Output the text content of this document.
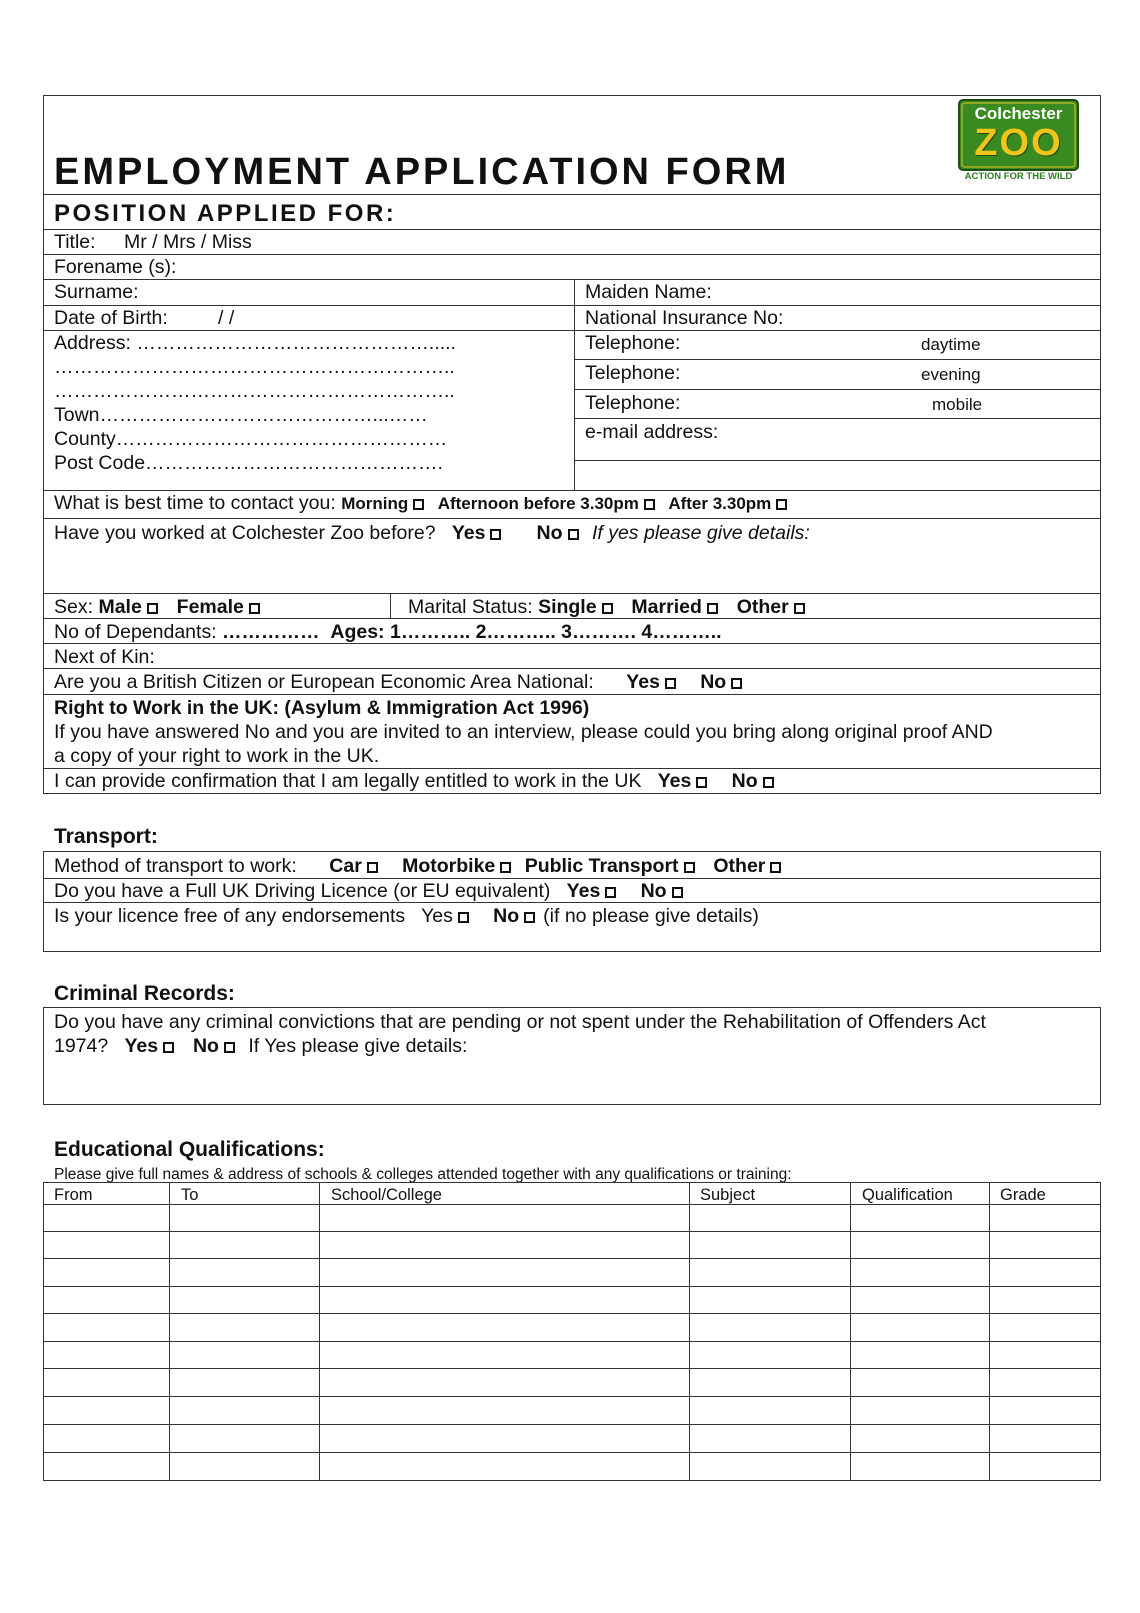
EMPLOYMENT APPLICATION FORM
Colchester
ZOO
ACTION FOR THE WILD
POSITION APPLIED FOR:
Title: Mr / Mrs / Miss
Forename (s):
Surname:	Maiden Name:
Date of Birth:	/ /	National Insurance No:
Address: ……………………………………….....
……………………………………………………..
……………………………………………………..
Town……………………………………...……
County……………………………………………
Post Code……………………………………….
Telephone:	daytime
Telephone:	evening
Telephone:	mobile
e-mail address:
What is best time to contact you: Morning Afternoon before 3.30pm After 3.30pm
Have you worked at Colchester Zoo before? Yes	No If yes please give details:
Sex: Male Female	Marital Status: Single Married Other
No of Dependants: …………… Ages: 1……….. 2……….. 3………. 4………..
Next of Kin:
Are you a British Citizen or European Economic Area National: Yes No
Right to Work in the UK: (Asylum & Immigration Act 1996)
If you have answered No and you are invited to an interview, please could you bring along original proof AND
a copy of your right to work in the UK.
I can provide confirmation that I am legally entitled to work in the UK Yes No
Transport:
Method of transport to work: Car Motorbike Public Transport Other
Do you have a Full UK Driving Licence (or EU equivalent) Yes No
Is your licence free of any endorsements Yes No (if no please give details)
Criminal Records:
Do you have any criminal convictions that are pending or not spent under the Rehabilitation of Offenders Act
1974? Yes No If Yes please give details:
Educational Qualifications:
Please give full names & address of schools & colleges attended together with any qualifications or training:
From	To	School/College	Subject	Qualification	Grade
